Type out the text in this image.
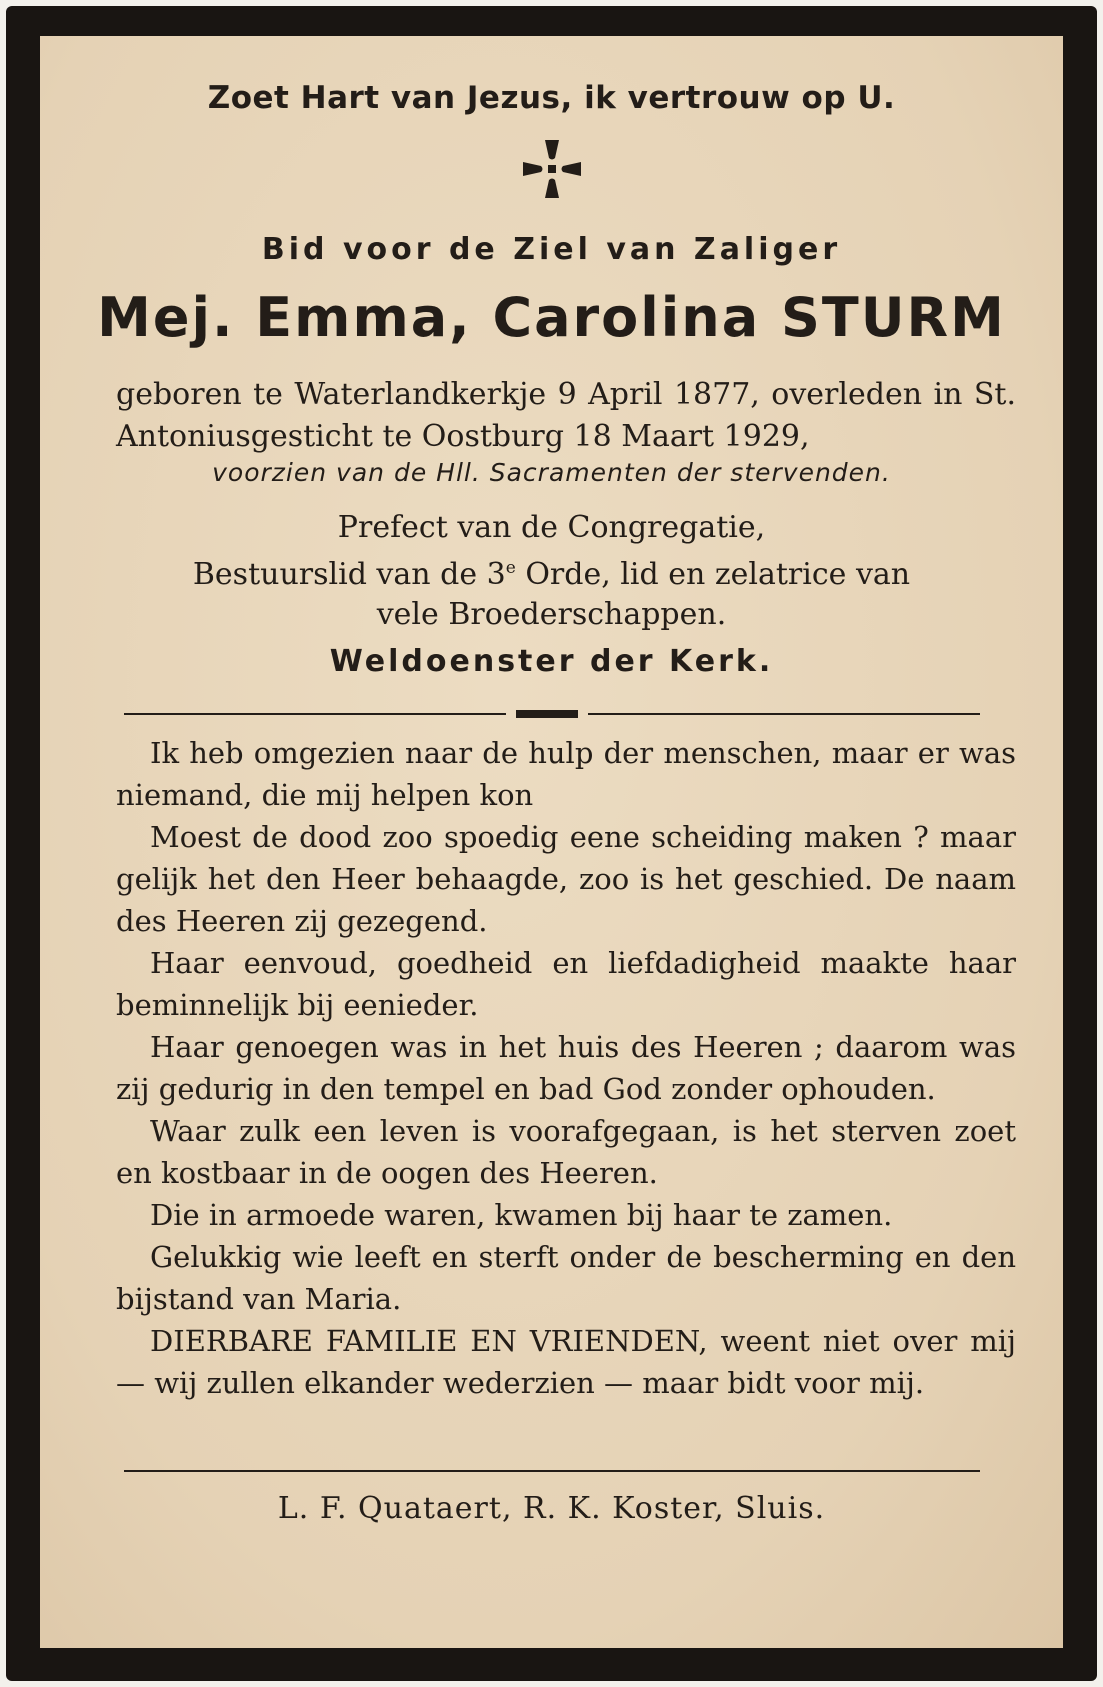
Zoet Hart van Jezus, ik vertrouw op U.
Bid voor de Ziel van Zaliger
Mej. Emma, Carolina STURM
geboren te Waterlandkerkje 9 April 1877, overleden in St. Antoniusgesticht te Oostburg 18 Maart 1929,
voorzien van de Hll. Sacramenten der stervenden.
Prefect van de Congregatie,
Bestuurslid van de 3e Orde, lid en zelatrice van
vele Broederschappen.
Weldoenster der Kerk.

Ik heb omgezien naar de hulp der menschen, maar er was niemand, die mij helpen kon

Moest de dood zoo spoedig eene scheiding maken ? maar gelijk het den Heer behaagde, zoo is het geschied. De naam des Heeren zij gezegend.

Haar eenvoud, goedheid en liefdadigheid maakte haar beminnelijk bij eenieder.

Haar genoegen was in het huis des Heeren ; daarom was zij gedurig in den tempel en bad God zonder ophouden.

Waar zulk een leven is voorafgegaan, is het sterven zoet en kostbaar in de oogen des Heeren.

Die in armoede waren, kwamen bij haar te zamen.

Gelukkig wie leeft en sterft onder de bescherming en den bijstand van Maria.

DIERBARE FAMILIE EN VRIENDEN, weent niet over mij — wij zullen elkander wederzien — maar bidt voor mij.

L. F. Quataert, R. K. Koster, Sluis.
